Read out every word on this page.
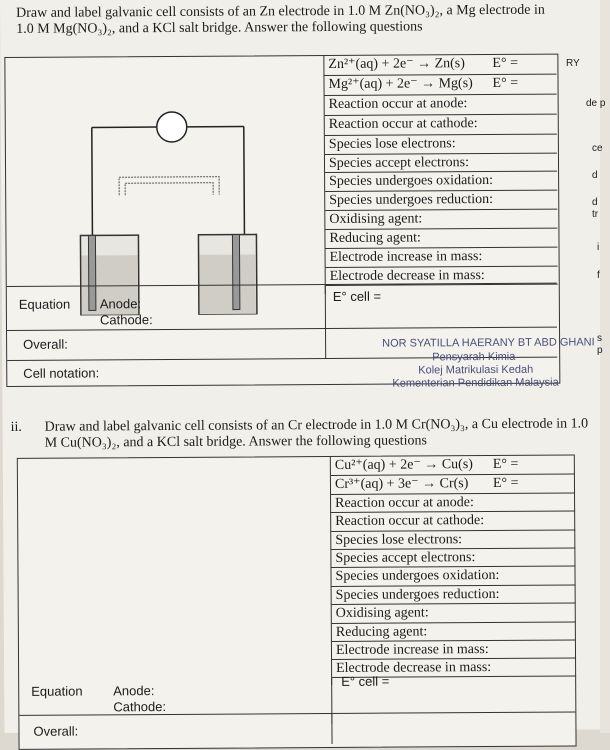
Draw and label galvanic cell consists of an Zn electrode in 1.0 M Zn(NO₃)₂, a Mg electrode in
1.0 M Mg(NO₃)₂, and a KCl salt bridge. Answer the following questions
Zn²⁺(aq) + 2e⁻ → Zn(s) E° =
Mg²⁺(aq) + 2e⁻ → Mg(s) E° =
Reaction occur at anode:
Reaction occur at cathode:
Species lose electrons:
Species accept electrons:
Species undergoes oxidation:
Species undergoes reduction:
Oxidising agent:
Reducing agent:
Electrode increase in mass:
Electrode decrease in mass:
Equation Anode:
Cathode:
E° cell =
Overall:
Cell notation:
NOR SYATILLA HAERANY BT ABD GHANI
Pensyarah Kimia
Kolej Matrikulasi Kedah
Kementerian Pendidikan Malaysia
ii. Draw and label galvanic cell consists of an Cr electrode in 1.0 M Cr(NO₃)₃, a Cu electrode in 1.0
M Cu(NO₃)₂, and a KCl salt bridge. Answer the following questions
Cu²⁺(aq) + 2e⁻ → Cu(s) E° =
Cr³⁺(aq) + 3e⁻ → Cr(s) E° =
Reaction occur at anode:
Reaction occur at cathode:
Species lose electrons:
Species accept electrons:
Species undergoes oxidation:
Species undergoes reduction:
Oxidising agent:
Reducing agent:
Electrode increase in mass:
Electrode decrease in mass:
Equation Anode:
Cathode:
E° cell =
Overall:
RY
de p
ce
d
d
tr
i
f
s
p
